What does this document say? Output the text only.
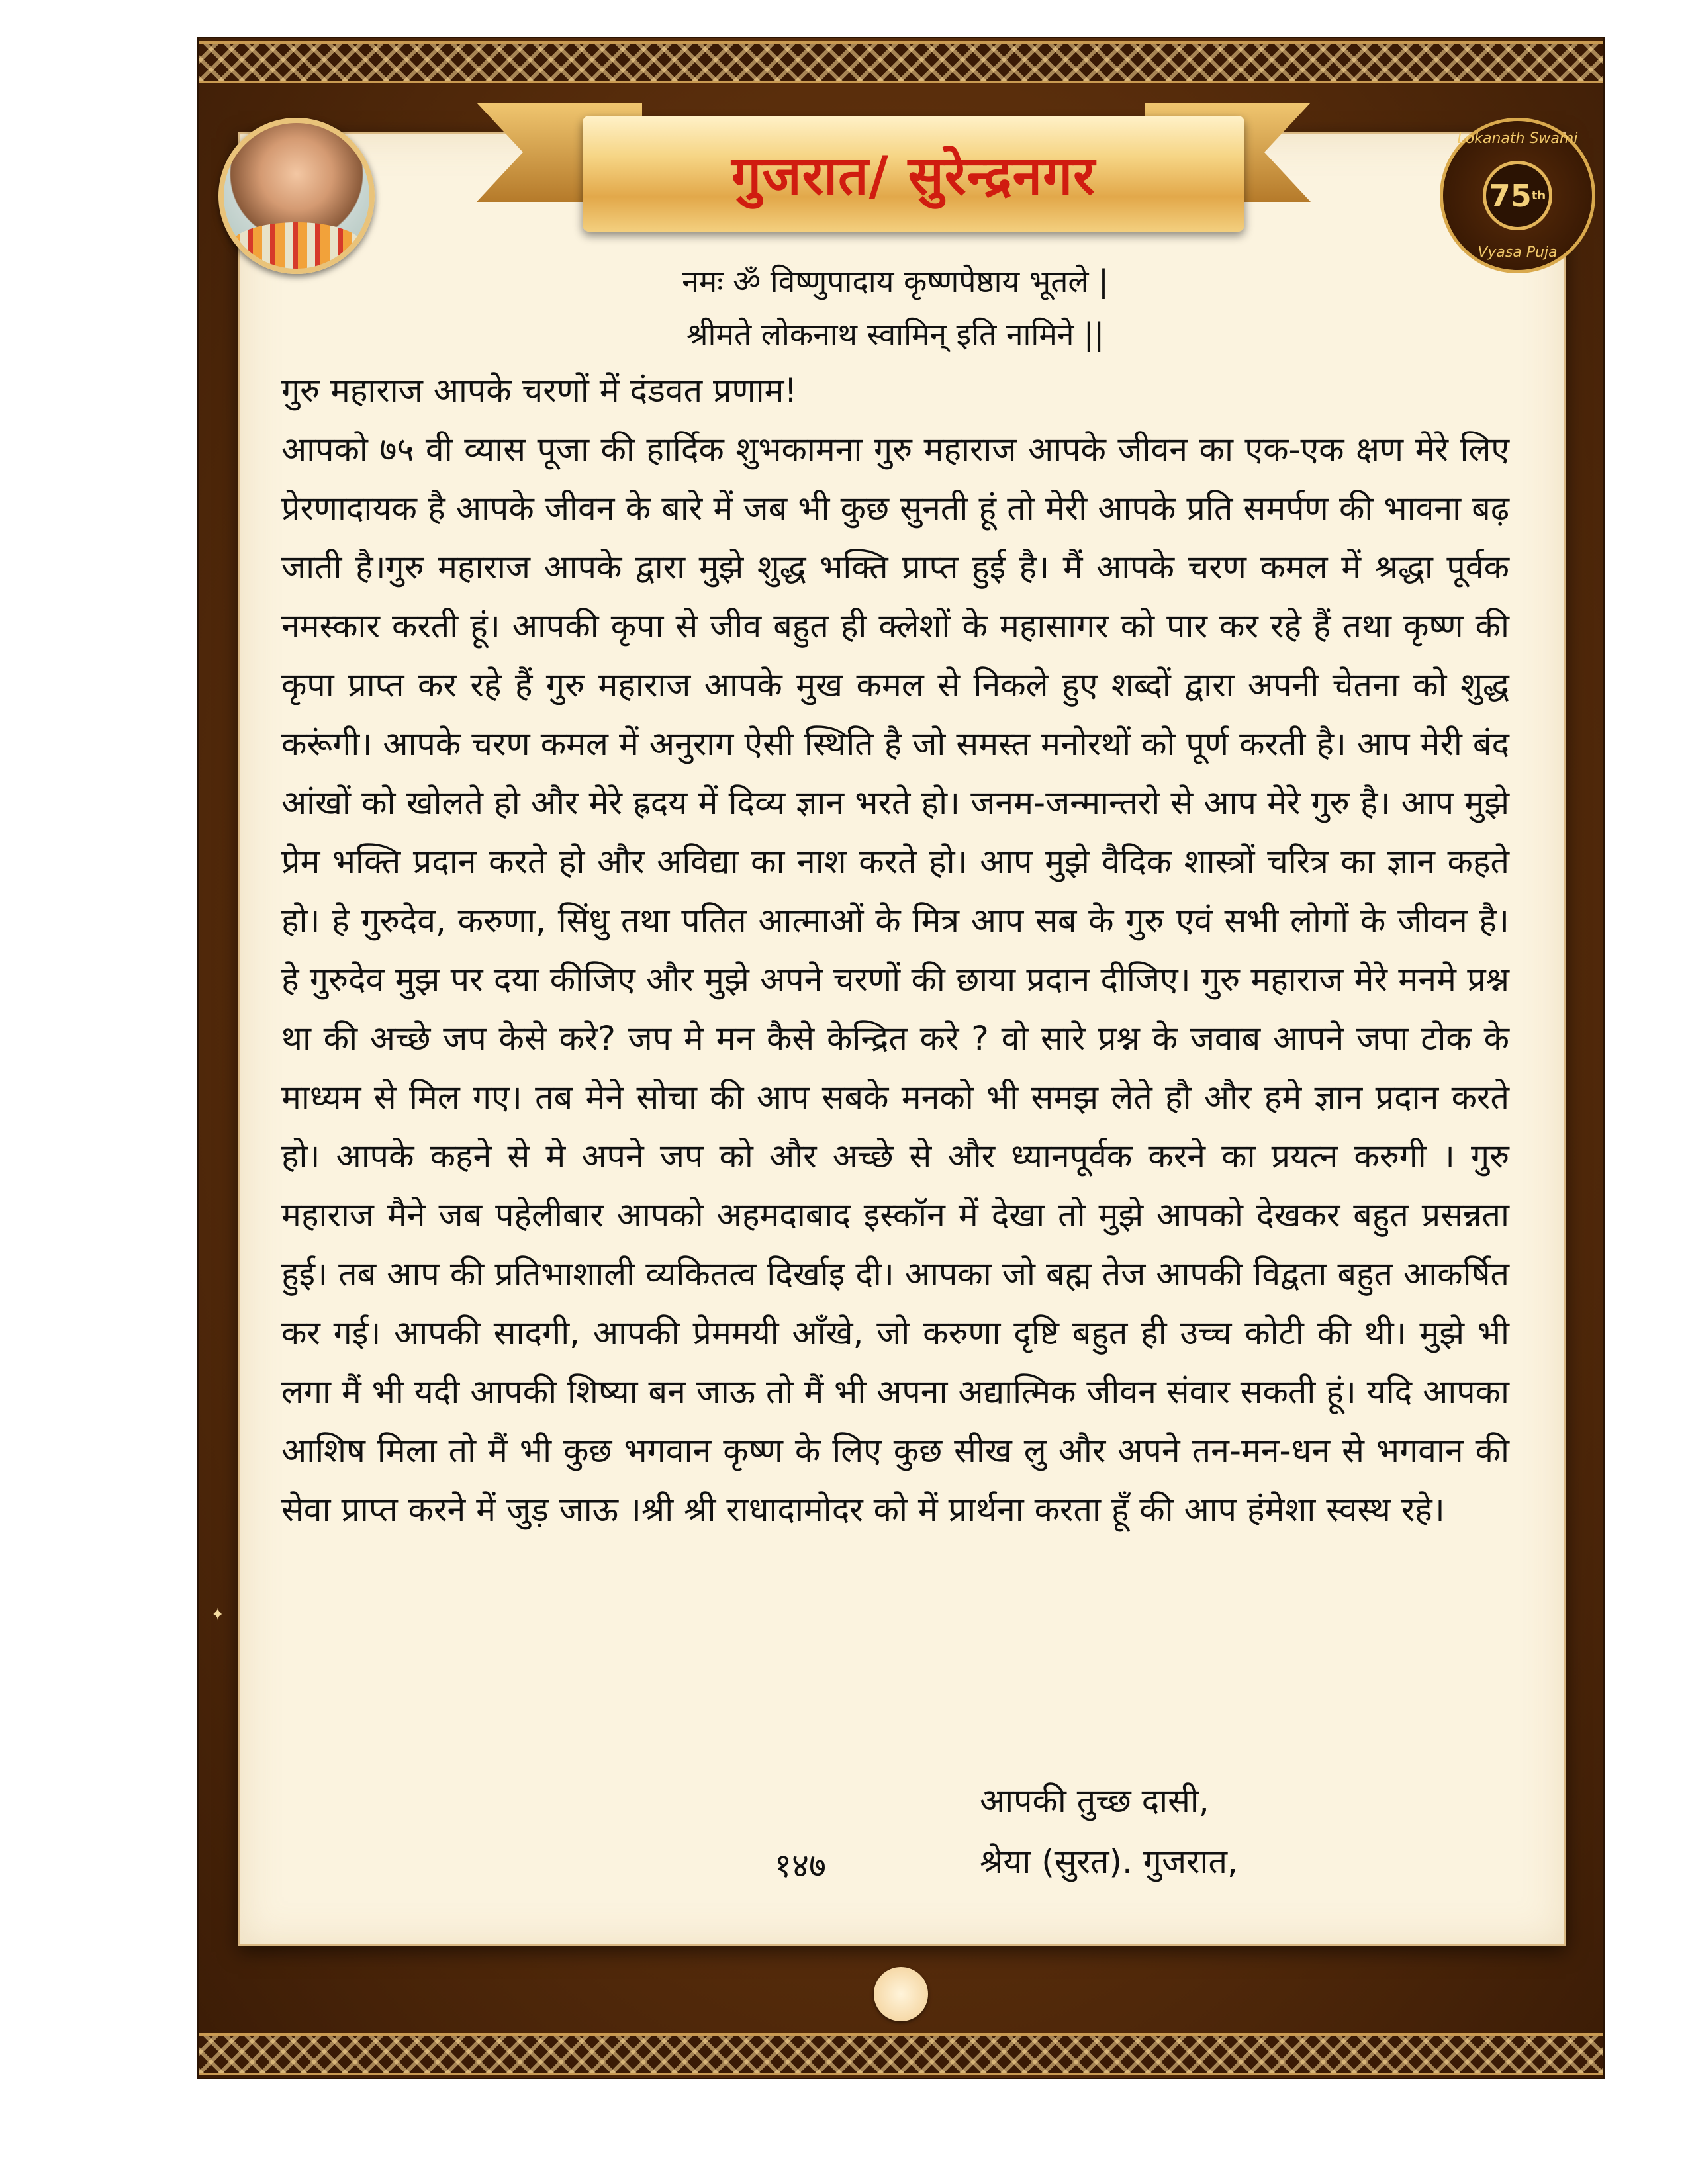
गुजरात/ सुरेन्द्रनगर
Lokanath Swami
75 th
Vyasa Puja
✦
नमः ॐ विष्णुपादाय कृष्णपेष्ठाय भूतले |
श्रीमते लोकनाथ स्वामिन् इति नामिने ||

गुरु महाराज आपके चरणों में दंडवत प्रणाम!

आपको ७५ वी व्यास पूजा की हार्दिक शुभकामना गुरु महाराज आपके जीवन का एक-एक क्षण मेरे लिए प्रेरणादायक है आपके जीवन के बारे में जब भी कुछ सुनती हूं तो मेरी आपके प्रति समर्पण की भावना बढ़ जाती है।गुरु महाराज आपके द्वारा मुझे शुद्ध भक्ति प्राप्त हुई है। मैं आपके चरण कमल में श्रद्धा पूर्वक नमस्कार करती हूं। आपकी कृपा से जीव बहुत ही क्लेशों के महासागर को पार कर रहे हैं तथा कृष्ण की कृपा प्राप्त कर रहे हैं गुरु महाराज आपके मुख कमल से निकले हुए शब्दों द्वारा अपनी चेतना को शुद्ध करूंगी। आपके चरण कमल में अनुराग ऐसी स्थिति है जो समस्त मनोरथों को पूर्ण करती है। आप मेरी बंद आंखों को खोलते हो और मेरे ह्रदय में दिव्य ज्ञान भरते हो। जनम-जन्मान्तरो से आप मेरे गुरु है। आप मुझे प्रेम भक्ति प्रदान करते हो और अविद्या का नाश करते हो। आप मुझे वैदिक शास्त्रों चरित्र का ज्ञान कहते हो। हे गुरुदेव, करुणा, सिंधु तथा पतित आत्माओं के मित्र आप सब के गुरु एवं सभी लोगों के जीवन है। हे गुरुदेव मुझ पर दया कीजिए और मुझे अपने चरणों की छाया प्रदान दीजिए। गुरु महाराज मेरे मनमे प्रश्न था की अच्छे जप केसे करे? जप मे मन कैसे केन्द्रित करे ? वो सारे प्रश्न के जवाब आपने जपा टोक के माध्यम से मिल गए। तब मेने सोचा की आप सबके मनको भी समझ लेते हौ और हमे ज्ञान प्रदान करते हो। आपके कहने से मे अपने जप को और अच्छे से और ध्यानपूर्वक करने का प्रयत्न करुगी । गुरु महाराज मैने जब पहेलीबार आपको अहमदाबाद इस्कॉन में देखा तो मुझे आपको देखकर बहुत प्रसन्नता हुई। तब आप की प्रतिभाशाली व्यकितत्व दिर्खाइ दी। आपका जो बह्म तेज आपकी विद्वता बहुत आकर्षित कर गई। आपकी सादगी, आपकी प्रेममयी आँखे, जो करुणा दृष्टि बहुत ही उच्च कोटी की थी। मुझे भी लगा मैं भी यदी आपकी शिष्या बन जाऊ तो मैं भी अपना अद्यात्मिक जीवन संवार सकती हूं। यदि आपका आशिष मिला तो मैं भी कुछ भगवान कृष्ण के लिए कुछ सीख लु और अपने तन-मन-धन से भगवान की सेवा प्राप्त करने में जुड़ जाऊ ।श्री श्री राधादामोदर को में प्रार्थना करता हूँ की आप हंमेशा स्वस्थ रहे।

आपकी तुच्छ दासी,
श्रेया (सुरत). गुजरात,
१४७
